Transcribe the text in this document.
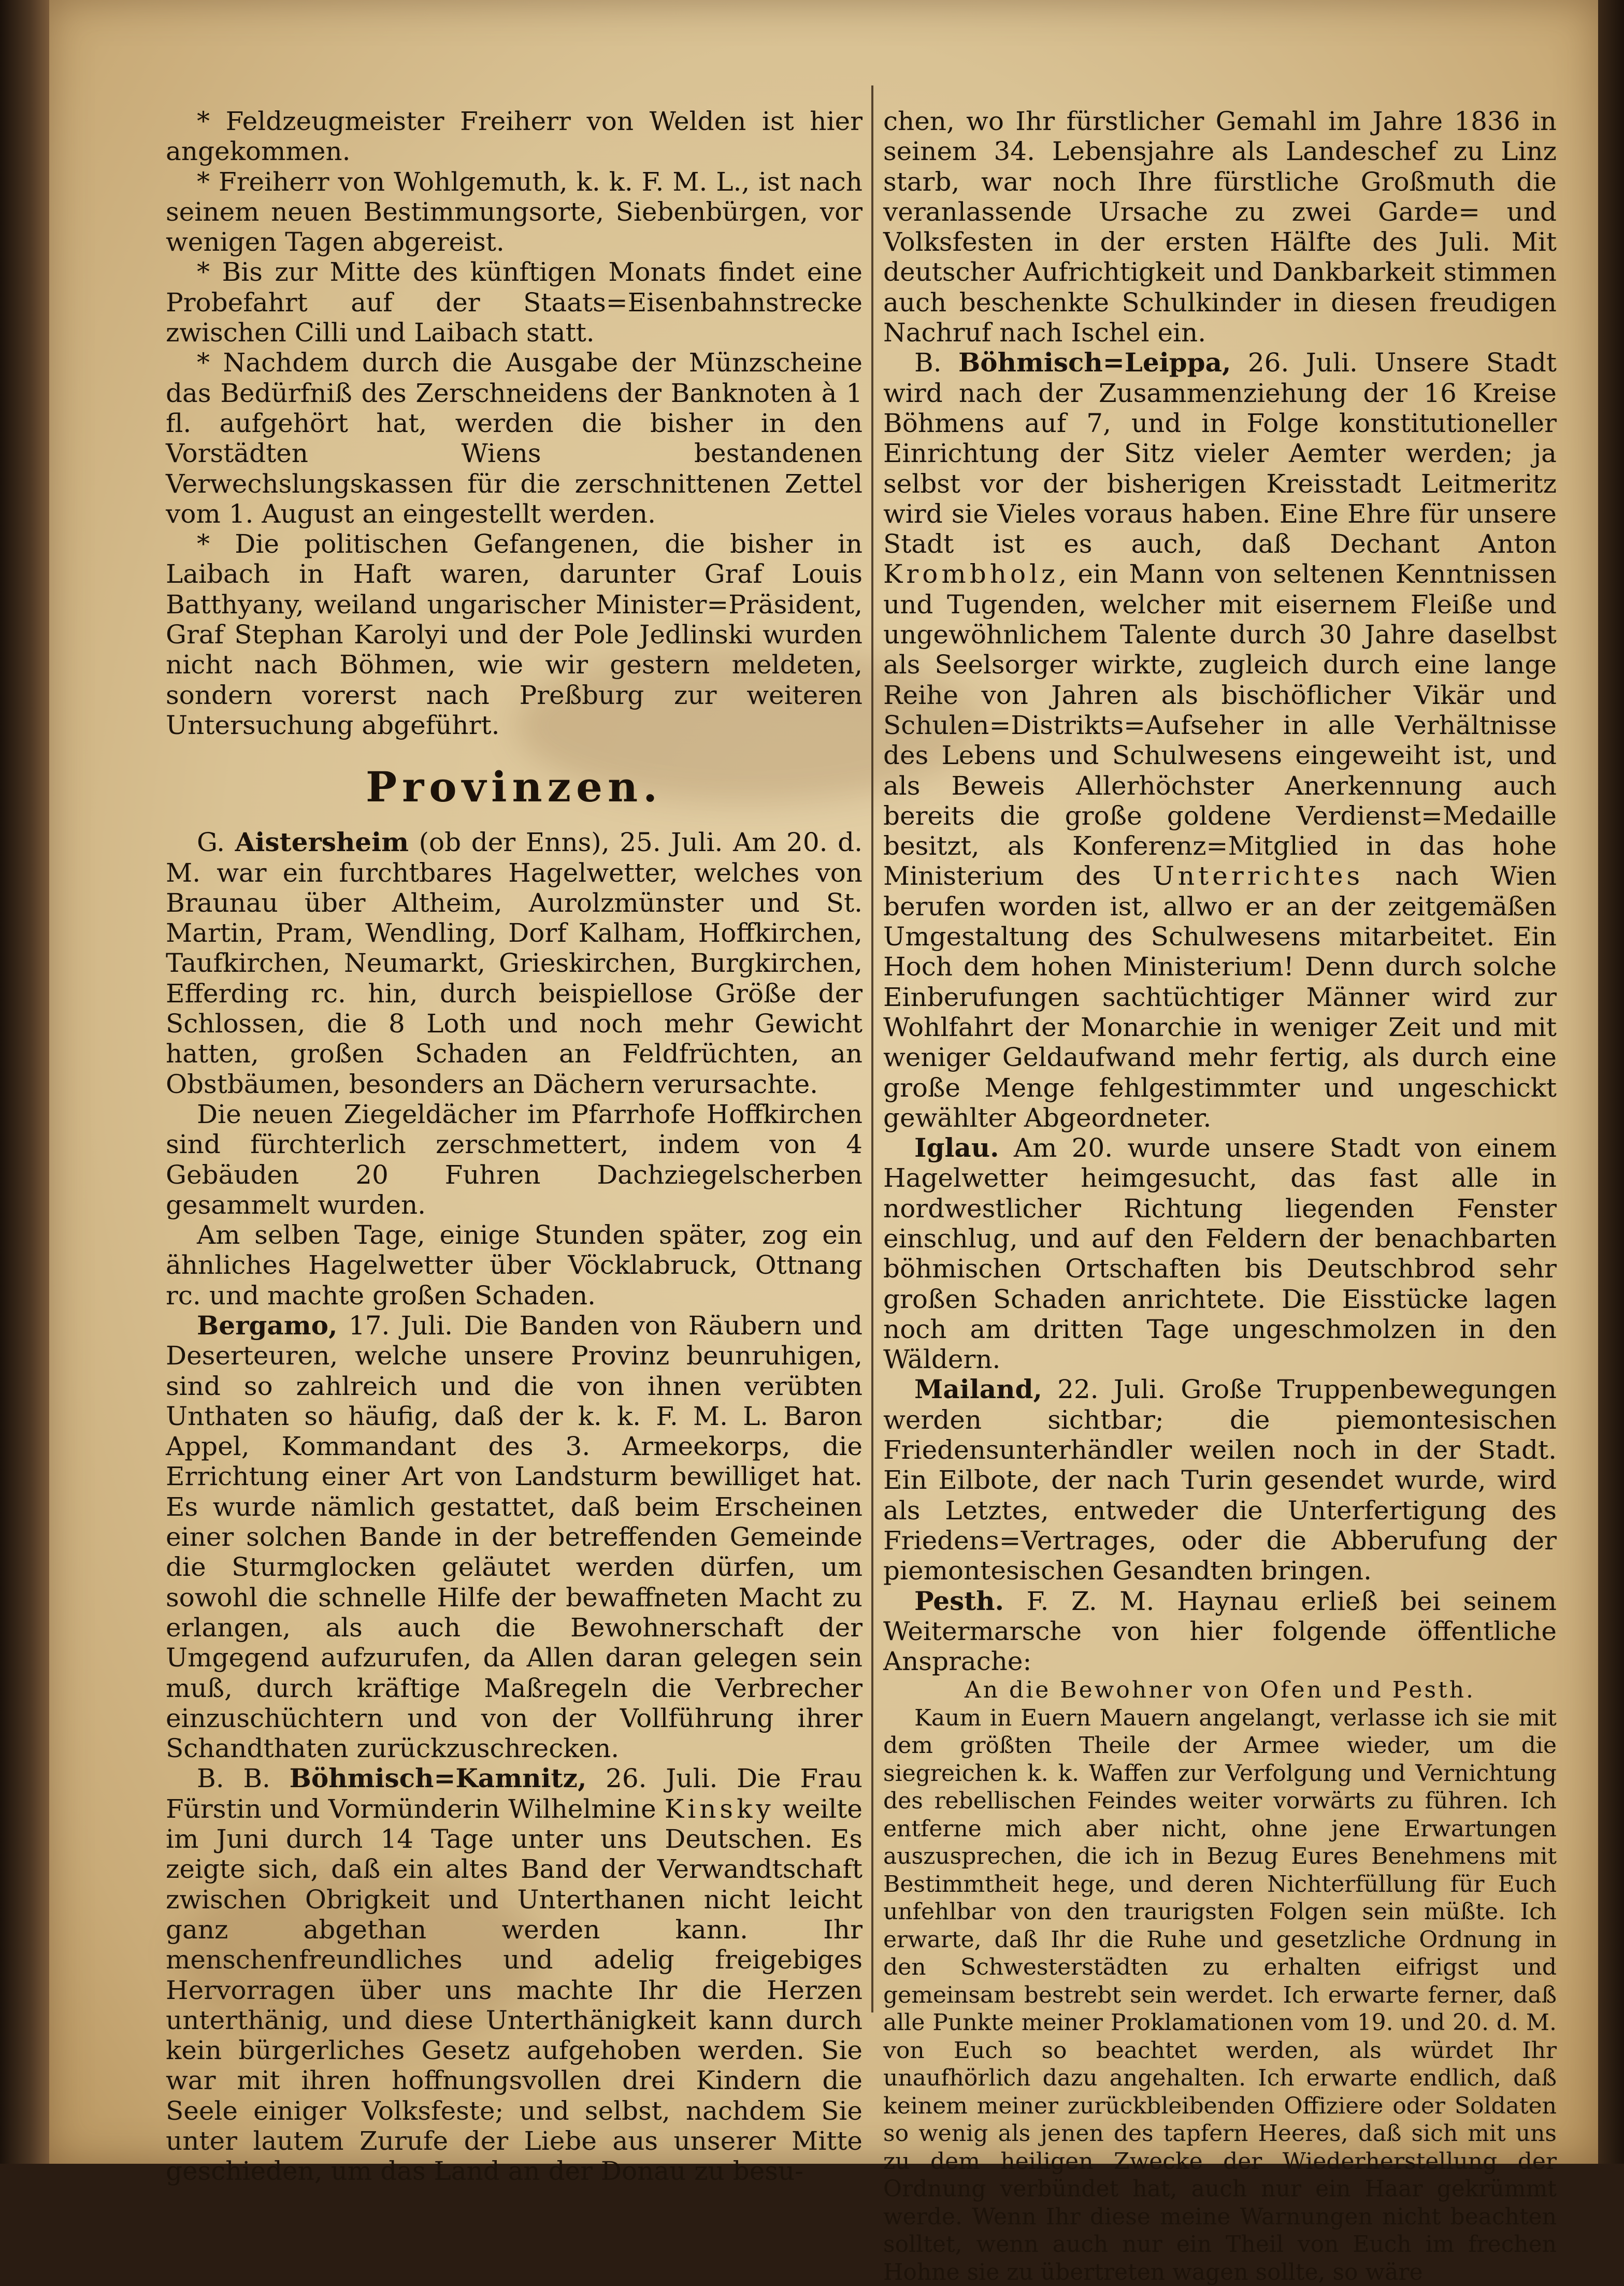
* Feldzeugmeister Freiherr von Welden ist hier angekommen.

* Freiherr von Wohlgemuth, k. k. F. M. L., ist nach seinem neuen Bestimmungsorte, Siebenbürgen, vor wenigen Tagen abgereist.

* Bis zur Mitte des künftigen Monats findet eine Probefahrt auf der Staats=Eisenbahnstrecke zwischen Cilli und Laibach statt.

* Nachdem durch die Ausgabe der Münzscheine das Bedürfniß des Zerschneidens der Banknoten à 1 fl. aufgehört hat, werden die bisher in den Vorstädten Wiens bestandenen Verwechslungskassen für die zerschnittenen Zettel vom 1. August an eingestellt werden.

* Die politischen Gefangenen, die bisher in Laibach in Haft waren, darunter Graf Louis Batthyany, weiland ungarischer Minister=Präsident, Graf Stephan Karolyi und der Pole Jedlinski wurden nicht nach Böhmen, wie wir gestern meldeten, sondern vorerst nach Preßburg zur weiteren Untersuchung abgeführt.

Provinzen.

G. Aistersheim (ob der Enns), 25. Juli. Am 20. d. M. war ein furchtbares Hagelwetter, welches von Braunau über Altheim, Aurolzmünster und St. Martin, Pram, Wendling, Dorf Kalham, Hoffkirchen, Taufkirchen, Neumarkt, Grieskirchen, Burgkirchen, Efferding rc. hin, durch beispiellose Größe der Schlossen, die 8 Loth und noch mehr Gewicht hatten, großen Schaden an Feldfrüchten, an Obstbäumen, besonders an Dächern verursachte.

Die neuen Ziegeldächer im Pfarrhofe Hoffkirchen sind fürchterlich zerschmettert, indem von 4 Gebäuden 20 Fuhren Dachziegelscherben gesammelt wurden.

Am selben Tage, einige Stunden später, zog ein ähnliches Hagelwetter über Vöcklabruck, Ottnang rc. und machte großen Schaden.

Bergamo, 17. Juli. Die Banden von Räubern und Deserteuren, welche unsere Provinz beunruhigen, sind so zahlreich und die von ihnen verübten Unthaten so häufig, daß der k. k. F. M. L. Baron Appel, Kommandant des 3. Armeekorps, die Errichtung einer Art von Landsturm bewilliget hat. Es wurde nämlich gestattet, daß beim Erscheinen einer solchen Bande in der betreffenden Gemeinde die Sturmglocken geläutet werden dürfen, um sowohl die schnelle Hilfe der bewaffneten Macht zu erlangen, als auch die Bewohnerschaft der Umgegend aufzurufen, da Allen daran gelegen sein muß, durch kräftige Maßregeln die Verbrecher einzuschüchtern und von der Vollführung ihrer Schandthaten zurückzuschrecken.

B. B. Böhmisch=Kamnitz, 26. Juli. Die Frau Fürstin und Vormünderin Wilhelmine Kinsky weilte im Juni durch 14 Tage unter uns Deutschen. Es zeigte sich, daß ein altes Band der Verwandtschaft zwischen Obrigkeit und Unterthanen nicht leicht ganz abgethan werden kann. Ihr menschenfreundliches und adelig freigebiges Hervorragen über uns machte Ihr die Herzen unterthänig, und diese Unterthänigkeit kann durch kein bürgerliches Gesetz aufgehoben werden. Sie war mit ihren hoffnungsvollen drei Kindern die Seele einiger Volksfeste; und selbst, nachdem Sie unter lautem Zurufe der Liebe aus unserer Mitte geschieden, um das Land an der Donau zu besu-

chen, wo Ihr fürstlicher Gemahl im Jahre 1836 in seinem 34. Lebensjahre als Landeschef zu Linz starb, war noch Ihre fürstliche Großmuth die veranlassende Ursache zu zwei Garde= und Volksfesten in der ersten Hälfte des Juli. Mit deutscher Aufrichtigkeit und Dankbarkeit stimmen auch beschenkte Schulkinder in diesen freudigen Nachruf nach Ischel ein.

B. Böhmisch=Leippa, 26. Juli. Unsere Stadt wird nach der Zusammenziehung der 16 Kreise Böhmens auf 7, und in Folge konstitutioneller Einrichtung der Sitz vieler Aemter werden; ja selbst vor der bisherigen Kreisstadt Leitmeritz wird sie Vieles voraus haben. Eine Ehre für unsere Stadt ist es auch, daß Dechant Anton Krombholz, ein Mann von seltenen Kenntnissen und Tugenden, welcher mit eisernem Fleiße und ungewöhnlichem Talente durch 30 Jahre daselbst als Seelsorger wirkte, zugleich durch eine lange Reihe von Jahren als bischöflicher Vikär und Schulen=Distrikts=Aufseher in alle Verhältnisse des Lebens und Schulwesens eingeweiht ist, und als Beweis Allerhöchster Anerkennung auch bereits die große goldene Verdienst=Medaille besitzt, als Konferenz=Mitglied in das hohe Ministerium des Unterrichtes nach Wien berufen worden ist, allwo er an der zeitgemäßen Umgestaltung des Schulwesens mitarbeitet. Ein Hoch dem hohen Ministerium! Denn durch solche Einberufungen sachtüchtiger Männer wird zur Wohlfahrt der Monarchie in weniger Zeit und mit weniger Geldaufwand mehr fertig, als durch eine große Menge fehlgestimmter und ungeschickt gewählter Abgeordneter.

Iglau. Am 20. wurde unsere Stadt von einem Hagelwetter heimgesucht, das fast alle in nordwestlicher Richtung liegenden Fenster einschlug, und auf den Feldern der benachbarten böhmischen Ortschaften bis Deutschbrod sehr großen Schaden anrichtete. Die Eisstücke lagen noch am dritten Tage ungeschmolzen in den Wäldern.

Mailand, 22. Juli. Große Truppenbewegungen werden sichtbar; die piemontesischen Friedensunterhändler weilen noch in der Stadt. Ein Eilbote, der nach Turin gesendet wurde, wird als Letztes, entweder die Unterfertigung des Friedens=Vertrages, oder die Abberufung der piemontesischen Gesandten bringen.

Pesth. F. Z. M. Haynau erließ bei seinem Weitermarsche von hier folgende öffentliche Ansprache:

An die Bewohner von Ofen und Pesth.

Kaum in Euern Mauern angelangt, verlasse ich sie mit dem größten Theile der Armee wieder, um die siegreichen k. k. Waffen zur Verfolgung und Vernichtung des rebellischen Feindes weiter vorwärts zu führen. Ich entferne mich aber nicht, ohne jene Erwartungen auszusprechen, die ich in Bezug Eures Benehmens mit Bestimmtheit hege, und deren Nichterfüllung für Euch unfehlbar von den traurigsten Folgen sein müßte. Ich erwarte, daß Ihr die Ruhe und gesetzliche Ordnung in den Schwesterstädten zu erhalten eifrigst und gemeinsam bestrebt sein werdet. Ich erwarte ferner, daß alle Punkte meiner Proklamationen vom 19. und 20. d. M. von Euch so beachtet werden, als würdet Ihr unaufhörlich dazu angehalten. Ich erwarte endlich, daß keinem meiner zurückbleibenden Offiziere oder Soldaten so wenig als jenen des tapfern Heeres, daß sich mit uns zu dem heiligen Zwecke der Wiederherstellung der Ordnung verbündet hat, auch nur ein Haar gekrümmt werde. Wenn Ihr diese meine Warnungen nicht beachten solltet, wenn auch nur ein Theil von Euch im frechen Hohne sie zu übertreten wagen sollte, so wäre
